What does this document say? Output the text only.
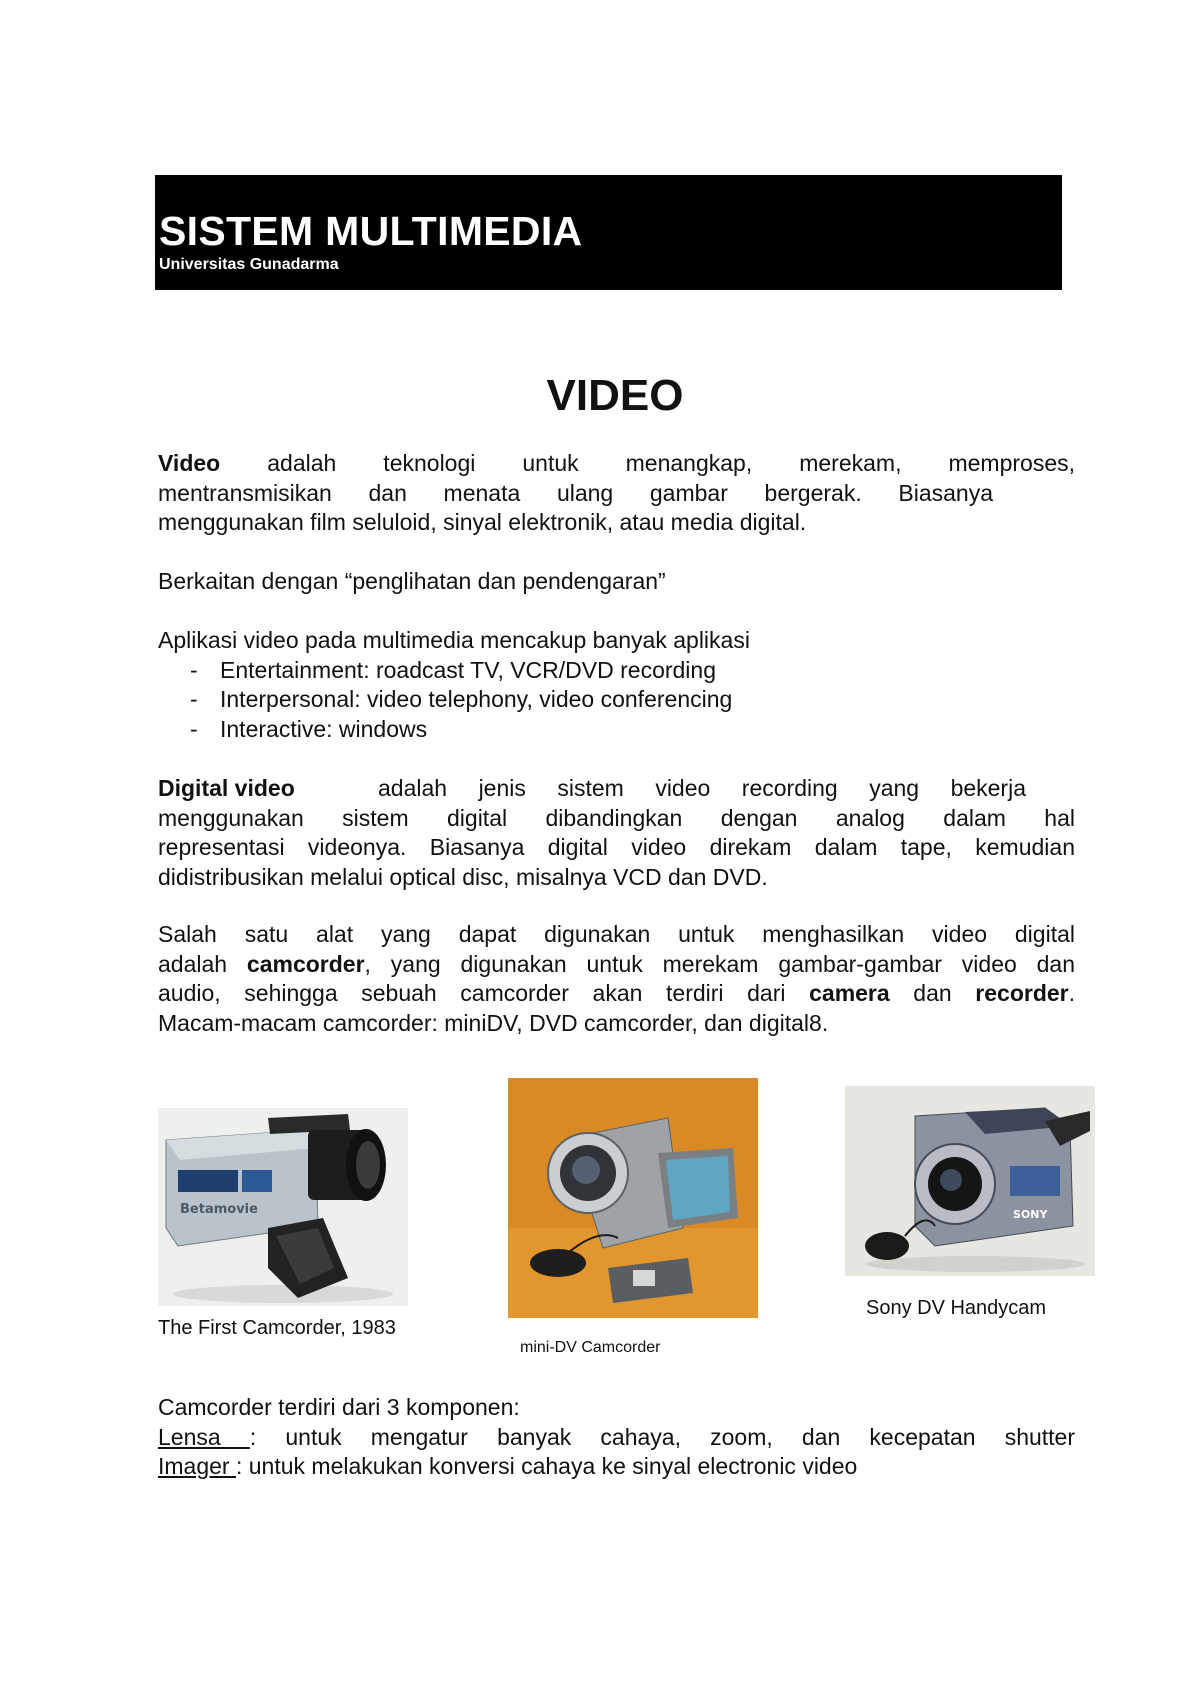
SISTEM MULTIMEDIA
Universitas Gunadarma
VIDEO
Video adalah teknologi untuk menangkap, merekam, memproses,
mentransmisikan dan menata ulang gambar bergerak. Biasanya
menggunakan film seluloid, sinyal elektronik, atau media digital.
Berkaitan dengan “penglihatan dan pendengaran”
Aplikasi video pada multimedia mencakup banyak aplikasi
- Entertainment: roadcast TV, VCR/DVD recording
- Interpersonal: video telephony, video conferencing
- Interactive: windows
Digital video	adalah jenis sistem video recording yang bekerja
menggunakan sistem digital dibandingkan dengan analog dalam hal
representasi videonya. Biasanya digital video direkam dalam tape, kemudian
didistribusikan melalui optical disc, misalnya VCD dan DVD.
Salah satu alat yang dapat digunakan untuk menghasilkan video digital
adalah camcorder, yang digunakan untuk merekam gambar-gambar video dan
audio, sehingga sebuah camcorder akan terdiri dari camera dan recorder.
Macam-macam camcorder: miniDV, DVD camcorder, dan digital8.
Betamovie
The First Camcorder, 1983
mini-DV Camcorder
SONY
Sony DV Handycam
Camcorder terdiri dari 3 komponen:
Lensa : untuk mengatur banyak cahaya, zoom, dan kecepatan shutter
Imager : untuk melakukan konversi cahaya ke sinyal electronic video
